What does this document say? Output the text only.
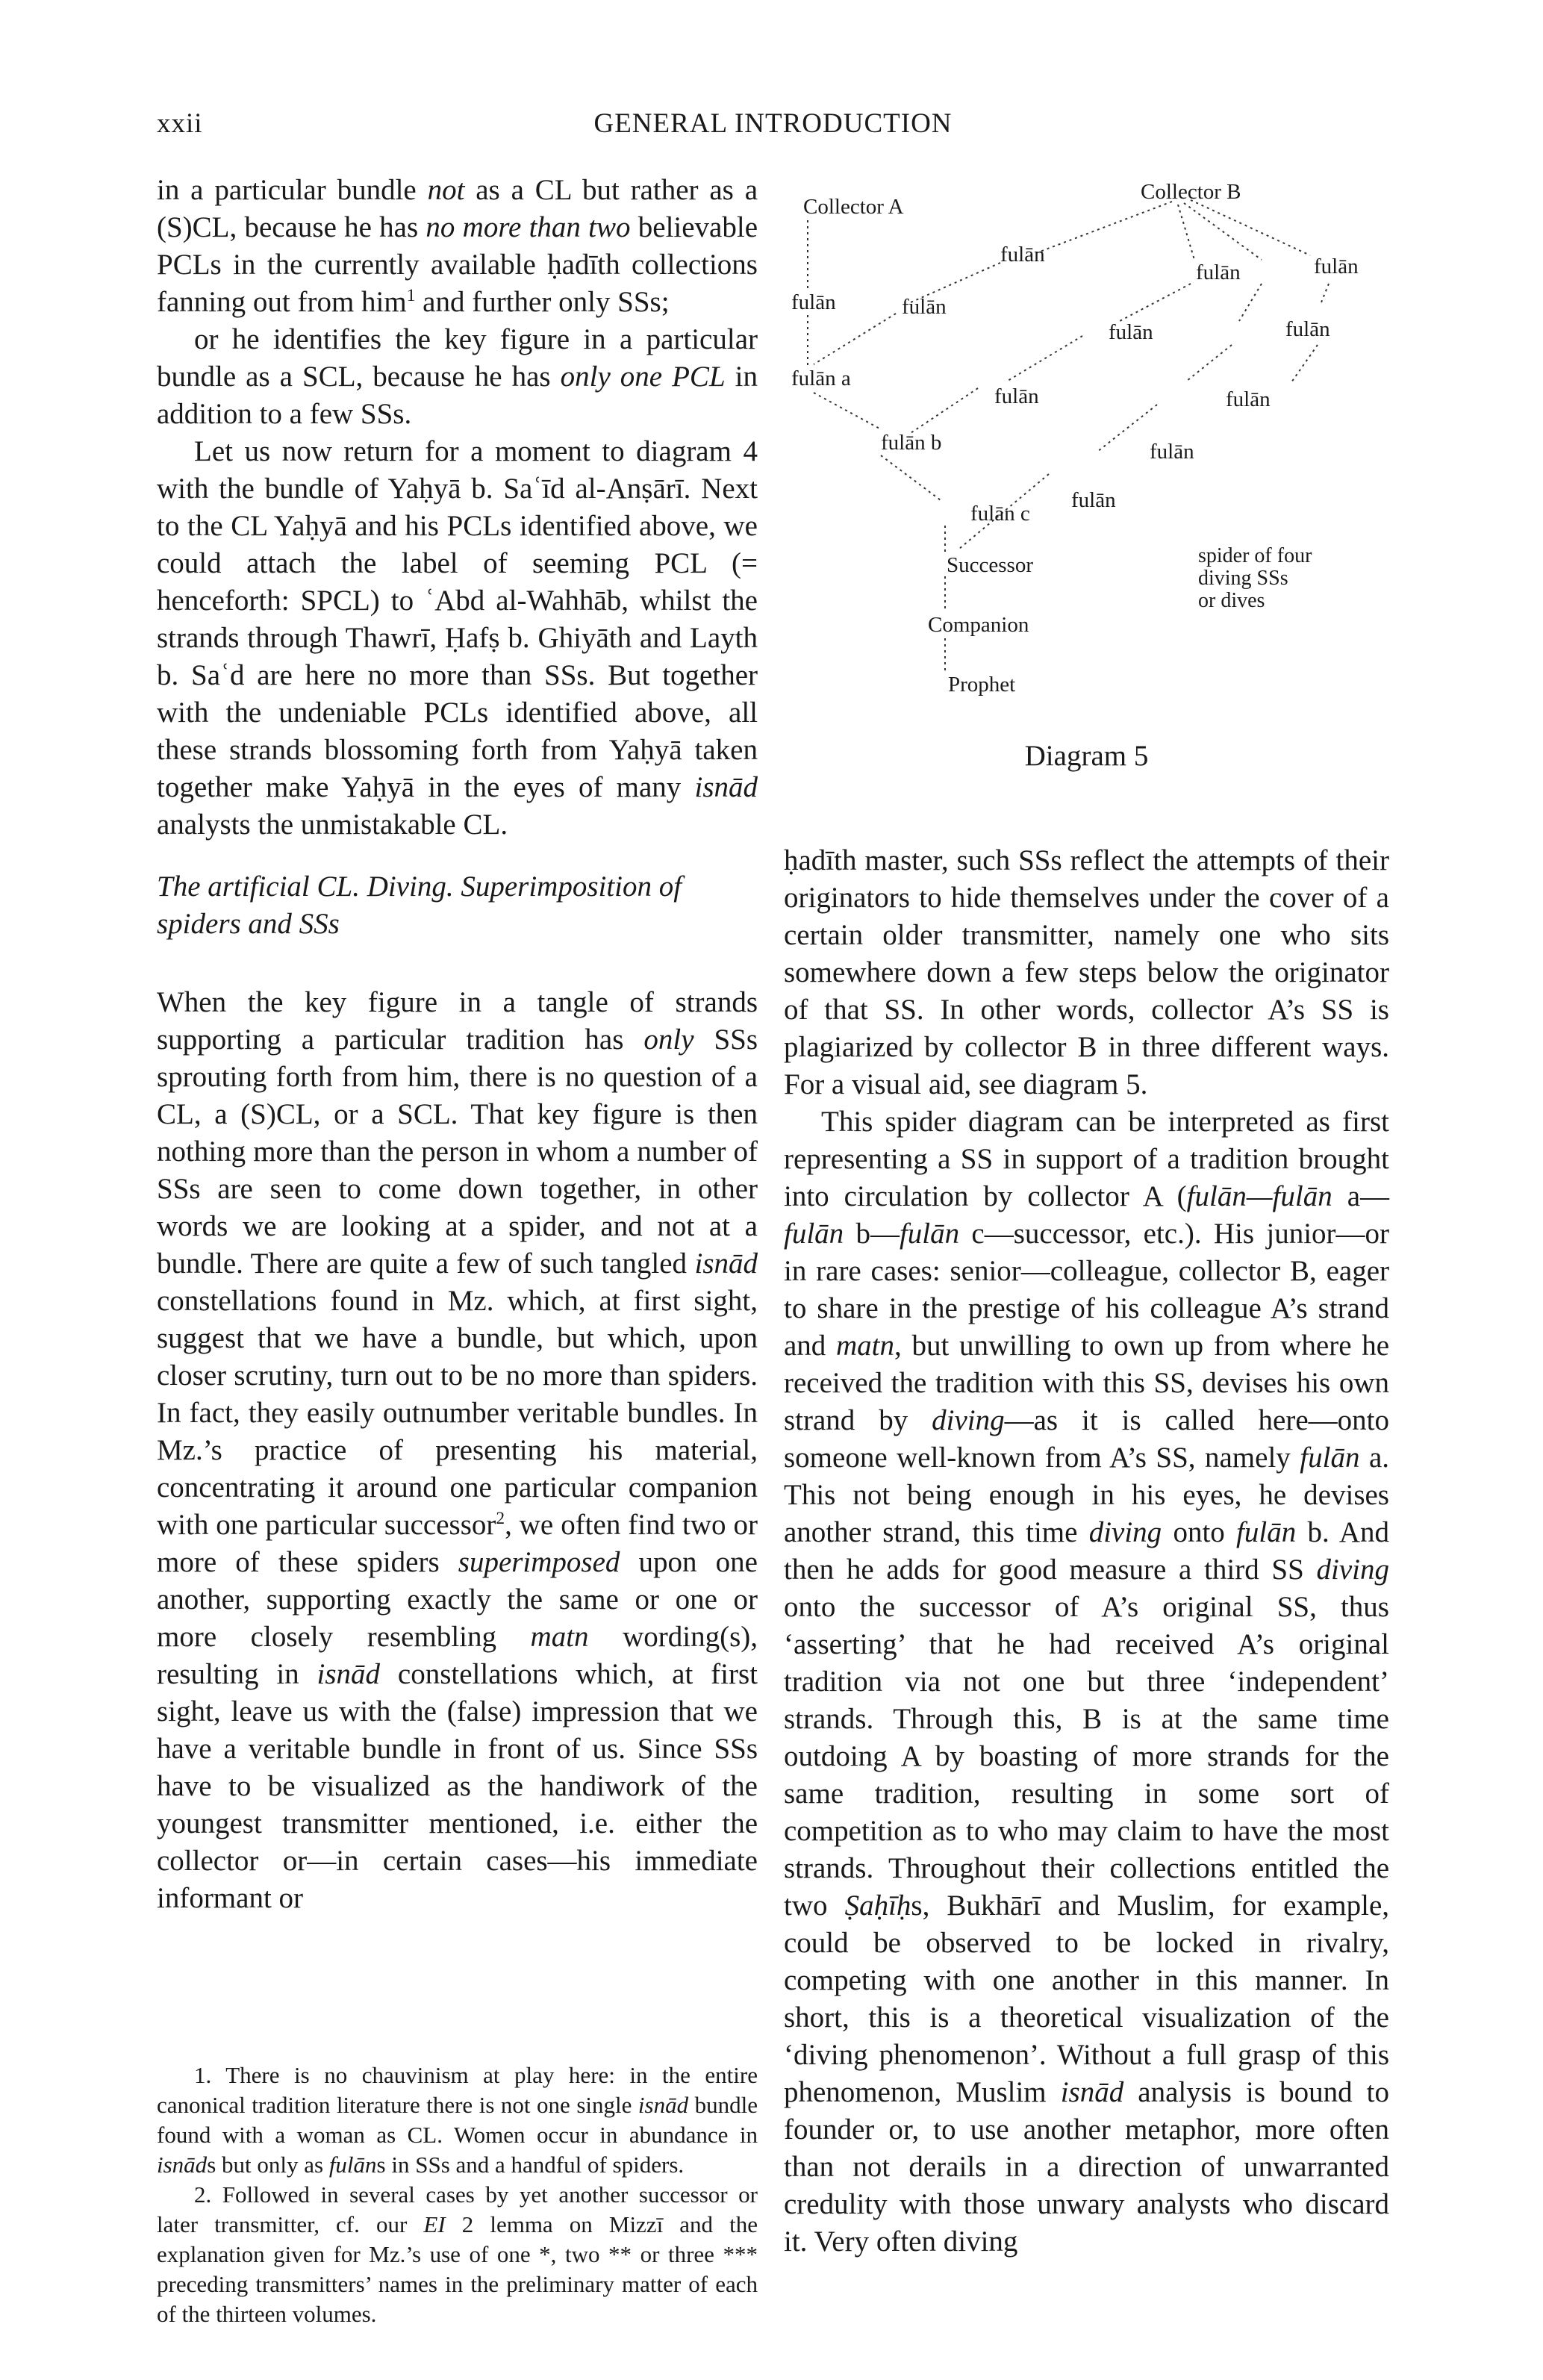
xxii	GENERAL INTRODUCTION

in a particular bundle not as a CL but rather as a (S)CL, because he has no more than two believable PCLs in the currently available ḥadīth collections fanning out from him$^1$ and further only SSs;

or he identifies the key figure in a particular bundle as a SCL, because he has only one PCL in addition to a few SSs.

Let us now return for a moment to diagram 4 with the bundle of Yaḥyā b. Saʿīd al-Anṣārī. Next to the CL Yaḥyā and his PCLs identified above, we could attach the label of seeming PCL (= henceforth: SPCL) to ʿAbd al-Wahhāb, whilst the strands through Thawrī, Ḥafṣ b. Ghiyāth and Layth b. Saʿd are here no more than SSs. But together with the undeniable PCLs identified above, all these strands blossoming forth from Yaḥyā taken together make Yaḥyā in the eyes of many isnād analysts the unmistakable CL.

The artificial CL. Diving. Superimposition of spiders and SSs

When the key figure in a tangle of strands supporting a particular tradition has only SSs sprouting forth from him, there is no question of a CL, a (S)CL, or a SCL. That key figure is then nothing more than the person in whom a number of SSs are seen to come down together, in other words we are looking at a spider, and not at a bundle. There are quite a few of such tangled isnād constellations found in Mz. which, at first sight, suggest that we have a bundle, but which, upon closer scrutiny, turn out to be no more than spiders. In fact, they easily outnumber veritable bundles. In Mz.’s practice of presenting his material, concentrating it around one particular companion with one particular successor$^2$, we often find two or more of these spiders superimposed upon one another, supporting exactly the same or one or more closely resembling matn wording(s), resulting in isnād constellations which, at first sight, leave us with the (false) impression that we have a veritable bundle in front of us. Since SSs have to be visualized as the handiwork of the youngest transmitter mentioned, i.e. either the collector or—in certain cases—his immediate informant or

1. There is no chauvinism at play here: in the entire canonical tradition literature there is not one single isnād bundle found with a woman as CL. Women occur in abundance in isnāds but only as fulāns in SSs and a handful of spiders.

2. Followed in several cases by yet another successor or later transmitter, cf. our EI 2 lemma on Mizzī and the explanation given for Mz.’s use of one *, two ** or three *** preceding transmitters’ names in the preliminary matter of each of the thirteen volumes.

Collector A
Collector B
fulān	fulān
fulān
fulān	fulān
fulān	fulān
fulān	fulān
fulān
fulān
fulān a
fulān b
fulān c
Successor
Companion
Prophet
spider of four
diving SSs
or dives
Diagram 5

ḥadīth master, such SSs reflect the attempts of their originators to hide themselves under the cover of a certain older transmitter, namely one who sits somewhere down a few steps below the originator of that SS. In other words, collector A’s SS is plagiarized by collector B in three different ways. For a visual aid, see diagram 5.

This spider diagram can be interpreted as first representing a SS in support of a tradition brought into circulation by collector A (fulān—fulān a—fulān b—fulān c—successor, etc.). His junior—or in rare cases: senior—colleague, collector B, eager to share in the prestige of his colleague A’s strand and matn, but unwilling to own up from where he received the tradition with this SS, devises his own strand by diving—as it is called here—onto someone well-known from A’s SS, namely fulān a. This not being enough in his eyes, he devises another strand, this time diving onto fulān b. And then he adds for good measure a third SS diving onto the successor of A’s original SS, thus ‘asserting’ that he had received A’s original tradition via not one but three ‘independent’ strands. Through this, B is at the same time outdoing A by boasting of more strands for the same tradition, resulting in some sort of competition as to who may claim to have the most strands. Throughout their collections entitled the two Ṣaḥīḥs, Bukhārī and Muslim, for example, could be observed to be locked in rivalry, competing with one another in this manner. In short, this is a theoretical visualization of the ‘diving phenomenon’. Without a full grasp of this phenomenon, Muslim isnād analysis is bound to founder or, to use another metaphor, more often than not derails in a direction of unwarranted credulity with those unwary analysts who discard it. Very often diving
